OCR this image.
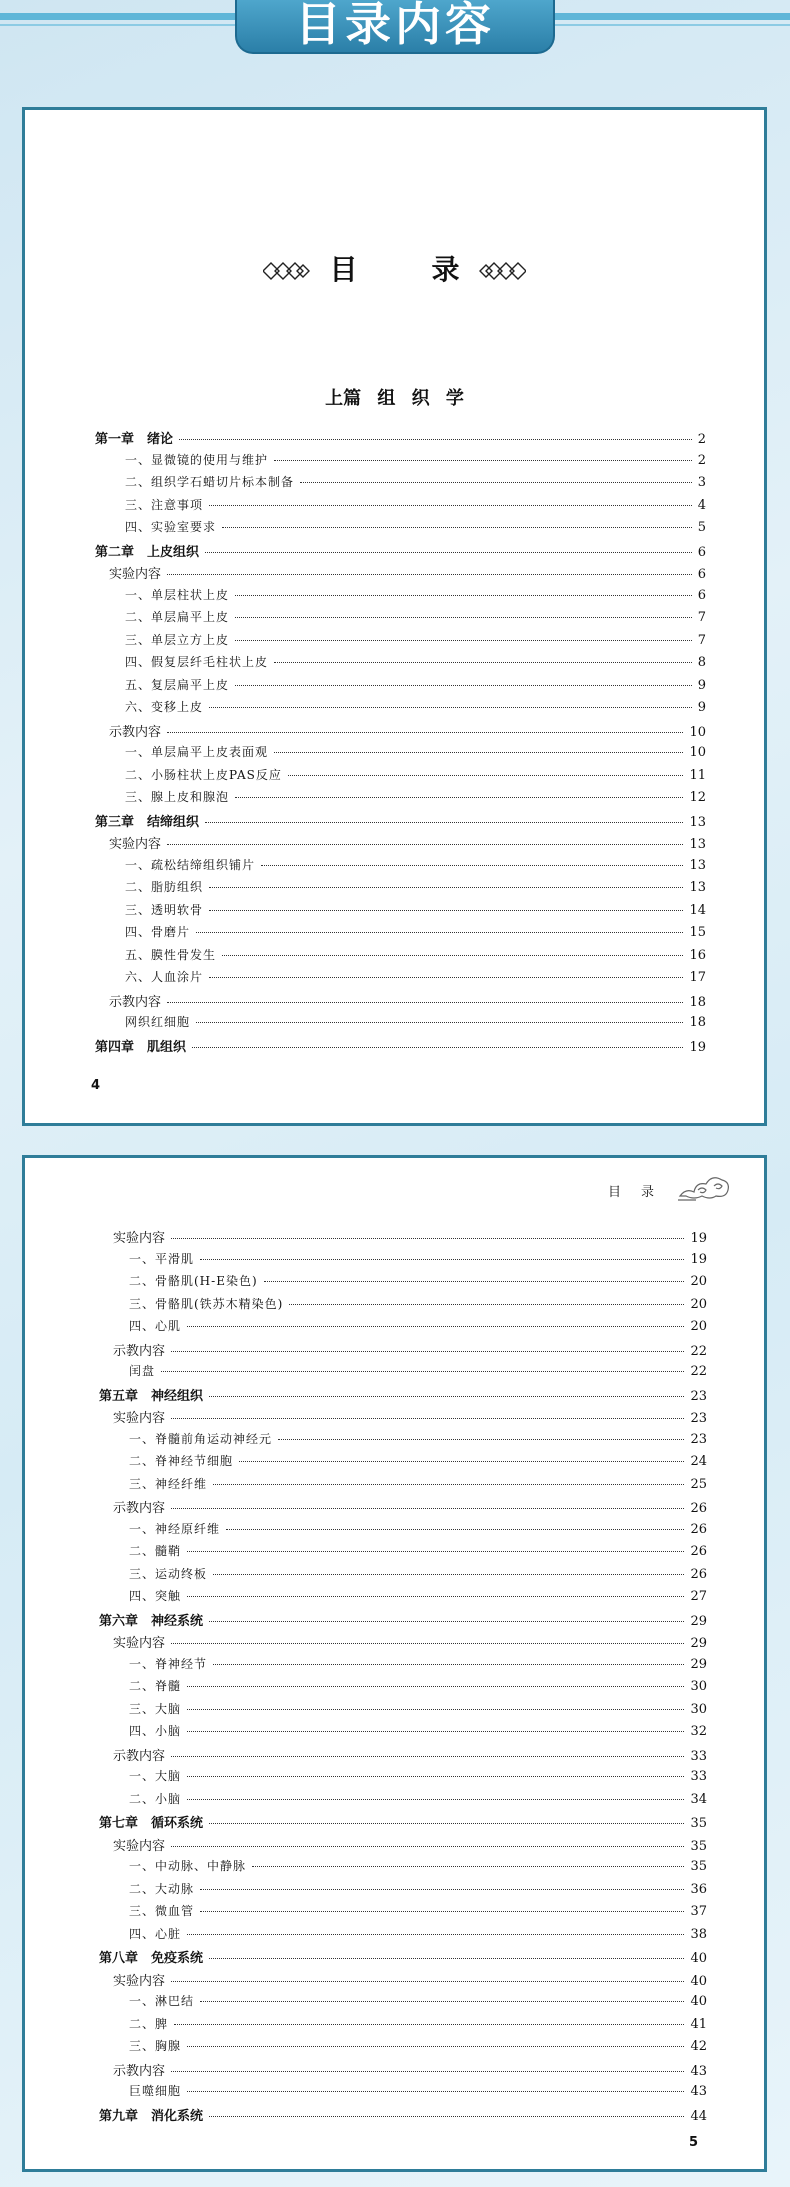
目录内容
目	录
上篇 组 织 学
第一章　绪论	2
一、显微镜的使用与维护	2
二、组织学石蜡切片标本制备	3
三、注意事项	4
四、实验室要求	5
第二章　上皮组织	6
实验内容	6
一、单层柱状上皮	6
二、单层扁平上皮	7
三、单层立方上皮	7
四、假复层纤毛柱状上皮	8
五、复层扁平上皮	9
六、变移上皮	9
示教内容	10
一、单层扁平上皮表面观	10
二、小肠柱状上皮PAS反应	11
三、腺上皮和腺泡	12
第三章　结缔组织	13
实验内容	13
一、疏松结缔组织铺片	13
二、脂肪组织	13
三、透明软骨	14
四、骨磨片	15
五、膜性骨发生	16
六、人血涂片	17
示教内容	18
网织红细胞	18
第四章　肌组织	19
4
目录
实验内容	19
一、平滑肌	19
二、骨骼肌(H-E染色)	20
三、骨骼肌(铁苏木精染色)	20
四、心肌	20
示教内容	22
闰盘	22
第五章　神经组织	23
实验内容	23
一、脊髓前角运动神经元	23
二、脊神经节细胞	24
三、神经纤维	25
示教内容	26
一、神经原纤维	26
二、髓鞘	26
三、运动终板	26
四、突触	27
第六章　神经系统	29
实验内容	29
一、脊神经节	29
二、脊髓	30
三、大脑	30
四、小脑	32
示教内容	33
一、大脑	33
二、小脑	34
第七章　循环系统	35
实验内容	35
一、中动脉、中静脉	35
二、大动脉	36
三、微血管	37
四、心脏	38
第八章　免疫系统	40
实验内容	40
一、淋巴结	40
二、脾	41
三、胸腺	42
示教内容	43
巨噬细胞	43
第九章　消化系统	44
5
